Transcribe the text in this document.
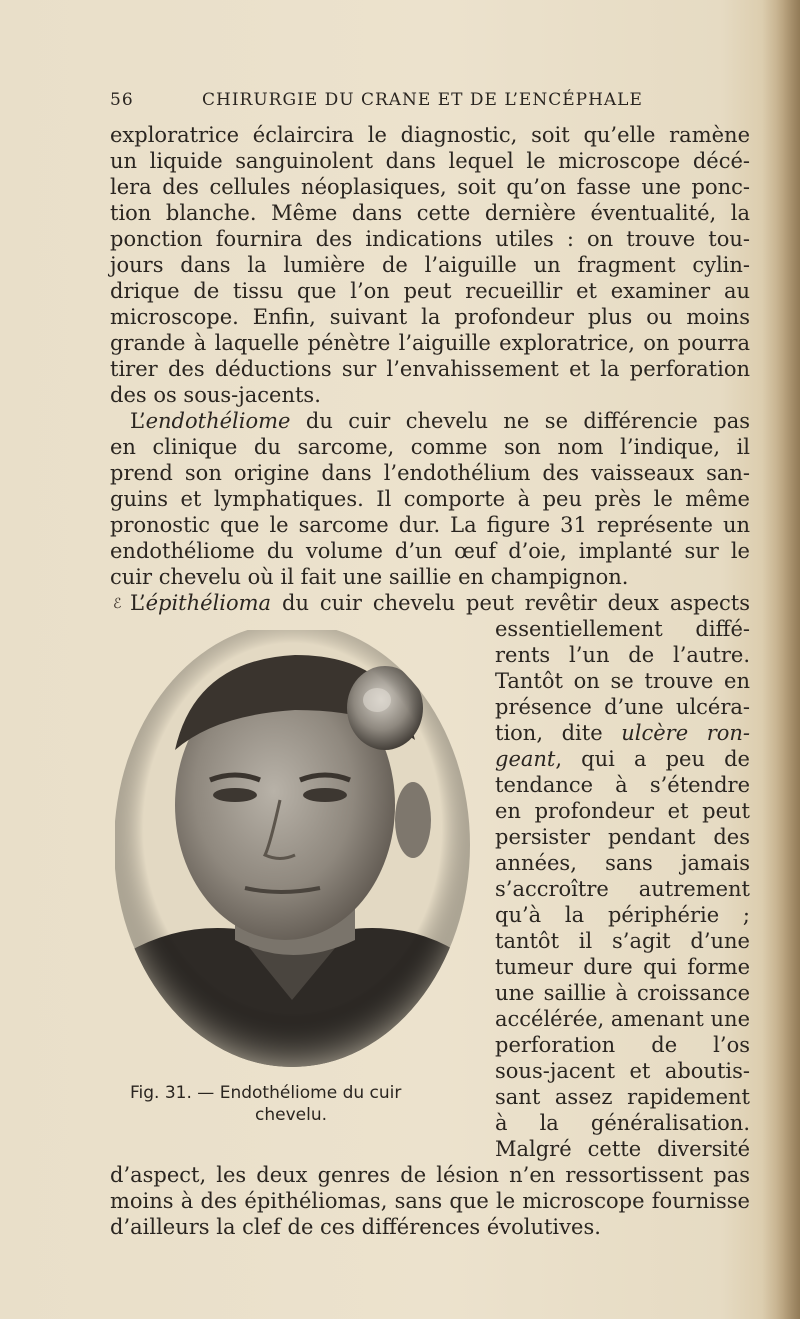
56	CHIRURGIE DU CRANE ET DE L’ENCÉPHALE
exploratrice éclaircira le diagnostic, soit qu’elle ramène
un liquide sanguinolent dans lequel le microscope décé-
lera des cellules néoplasiques, soit qu’on fasse une ponc-
tion blanche. Même dans cette dernière éventualité, la
ponction fournira des indications utiles : on trouve tou-
jours dans la lumière de l’aiguille un fragment cylin-
drique de tissu que l’on peut recueillir et examiner au
microscope. Enfin, suivant la profondeur plus ou moins
grande à laquelle pénètre l’aiguille exploratrice, on pourra
tirer des déductions sur l’envahissement et la perforation
des os sous-jacents.
L’endothéliome du cuir chevelu ne se différencie pas
en clinique du sarcome, comme son nom l’indique, il
prend son origine dans l’endothélium des vaisseaux san-
guins et lymphatiques. Il comporte à peu près le même
pronostic que le sarcome dur. La figure 31 représente un
endothéliome du volume d’un œuf d’oie, implanté sur le
cuir chevelu où il fait une saillie en champignon.
ℰ L’épithélioma du cuir chevelu peut revêtir deux aspects
essentiellement diffé-
rents l’un de l’autre.
Tantôt on se trouve en
présence d’une ulcéra-
tion, dite ulcère ron-
geant, qui a peu de
tendance à s’étendre
en profondeur et peut
persister pendant des
années, sans jamais
s’accroître autrement
qu’à la périphérie ;
tantôt il s’agit d’une
tumeur dure qui forme
une saillie à croissance
accélérée, amenant une
perforation de l’os
sous-jacent et aboutis-
sant assez rapidement
à la généralisation.
Malgré cette diversité
d’aspect, les deux genres de lésion n’en ressortissent pas
moins à des épithéliomas, sans que le microscope fournisse
d’ailleurs la clef de ces différences évolutives.
Fig. 31. — Endothéliome du cuir
chevelu.
